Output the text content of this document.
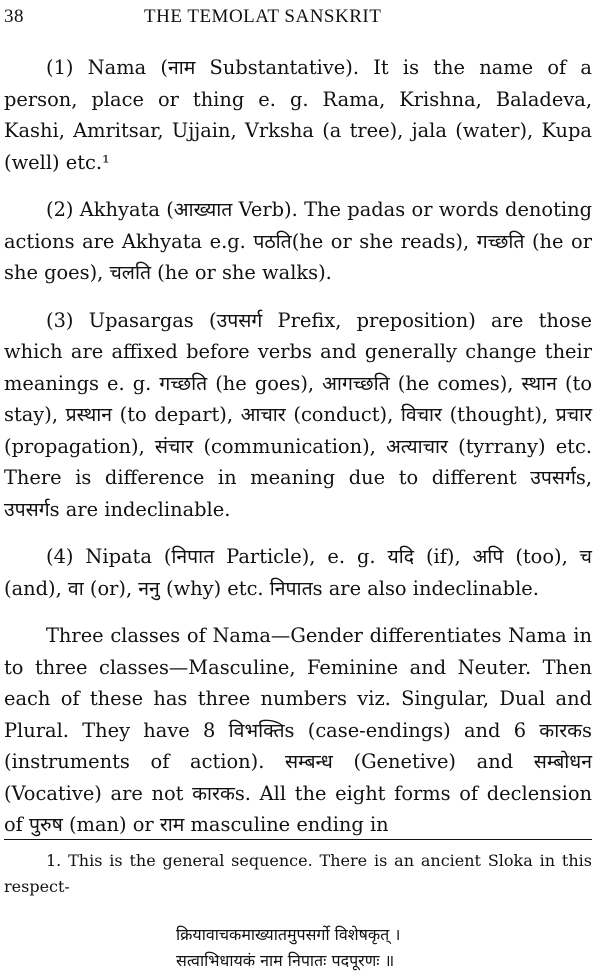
38	THE TEMOLAT SANSKRIT

(1) Nama (नाम Substantative). It is the name of a person, place or thing e. g. Rama, Krishna, Baladeva, Kashi, Amritsar, Ujjain, Vrksha (a tree), jala (water), Kupa (well) etc.¹

(2) Akhyata (आख्यात Verb). The padas or words denoting actions are Akhyata e.g. पठति(he or she reads), गच्छति (he or she goes), चलति (he or she walks).

(3) Upasargas (उपसर्ग Prefix, preposition) are those which are affixed before verbs and generally change their meanings e. g. गच्छति (he goes), आगच्छति (he comes), स्थान (to stay), प्रस्थान (to depart), आचार (conduct), विचार (thought), प्रचार (propagation), संचार (communication), अत्याचार (tyrrany) etc. There is difference in meaning due to different उपसर्गs, उपसर्गs are indeclinable.

(4) Nipata (निपात Particle), e. g. यदि (if), अपि (too), च (and), वा (or), ननु (why) etc. निपातs are also indeclinable.

Three classes of Nama—Gender differentiates Nama in to three classes—Masculine, Feminine and Neuter. Then each of these has three numbers viz. Singular, Dual and Plural. They have 8 विभक्तिs (case-endings) and 6 कारकs (instruments of action). सम्बन्ध (Genetive) and सम्बोधन (Vocative) are not कारकs. All the eight forms of declension of पुरुष (man) or राम masculine ending in

1. This is the general sequence. There is an ancient Sloka in this respect-

क्रियावाचकमाख्यातमुपसर्गो विशेषकृत् ।
सत्वाभिधायकं नाम निपातः पदपूरणः ॥
